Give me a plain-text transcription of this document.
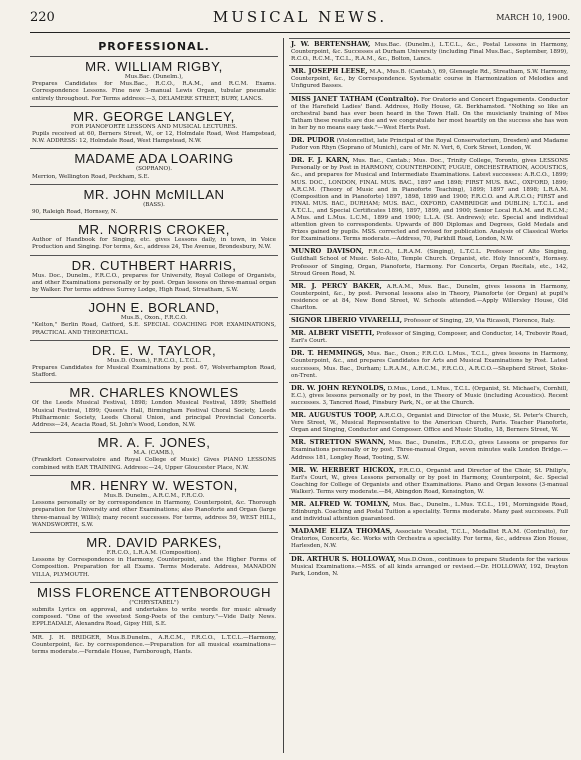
220	MUSICAL NEWS.	MARCH 10, 1900.
PROFESSIONAL.
MR. WILLIAM RIGBY,
Mus.Bac. (Dunelm.),
Prepares Candidates for Mus.Bac., R.C.O., R.A.M., and R.C.M. Exams. Correspondence Lessons. Fine new 3-manual Lewis Organ, tubular pneumatic entirely throughout. For Terms address:—3, DELAMERE STREET, BURY, LANCS.
MR. GEORGE LANGLEY,
FOR PIANOFORTE LESSONS AND MUSICAL LECTURES.
Pupils received at 60, Berners Street, W., or 12, Holmdale Road, West Hampstead, N.W. ADDRESS: 12, Holmdale Road, West Hampstead, N.W.
MADAME ADA LOARING
(SOPRANO).
Merrion, Wellington Road, Peckham, S.E.
MR. JOHN McMILLAN
(BASS).
90, Raleigh Road, Hornsey, N.
MR. NORRIS CROKER,
Author of Handbook for Singing, etc. gives Lessons daily, in town, in Voice Production and Singing. For terms, &c., address 24, The Avenue, Brondesbury, N.W.
DR. CUTHBERT HARRIS,
Mus. Doc., Dunelm., F.R.C.O., prepares for University, Royal College of Organists, and other Examinations personally or by post. Organ lessons on three-manual organ by Walker. For terms address Surrey Lodge, High Road, Streatham, S.W.
JOHN E. BORLAND,
Mus.B., Oxon., F.R.C.O.
"Kelton," Berlin Road, Catford, S.E. SPECIAL COACHING FOR EXAMINATIONS, PRACTICAL AND THEORETICAL.
DR. E. W. TAYLOR,
Mus.D. (Oxon.), F.R.C.O., L.T.C.L.
Prepares Candidates for Musical Examinations by post. 67, Wolverhampton Road, Stafford.
MR. CHARLES KNOWLES
Of the Leeds Musical Festival, 1898; London Musical Festival, 1899; Sheffield Musical Festival, 1899; Queen's Hall, Birmingham Festival Choral Society, Leeds Philharmonic Society, Leeds Choral Union, and principal Provincial Concerts. Address—24, Acacia Road, St. John's Wood, London, N.W.
MR. A. F. JONES,
M.A. (CAMB.),
(Frankfort Conservatoire and Royal College of Music) Gives PIANO LESSONS combined with EAR TRAINING. Address:—24, Upper Gloucester Place, N.W.
MR. HENRY W. WESTON,
Mus.B. Dunelm., A.R.C.M., F.R.C.O.
Lessons personally or by correspondence in Harmony, Counterpoint, &c. Thorough preparation for University and other Examinations; also Pianoforte and Organ (large three-manual by Willis); many recent successes. For terms, address 59, WEST HILL, WANDSWORTH, S.W.
MR. DAVID PARKES,
F.R.C.O., L.R.A.M. (Composition).
Lessons by Correspondence in Harmony, Counterpoint, and the Higher Forms of Composition. Preparation for all Exams. Terms Moderate. Address, MANADON VILLA, PLYMOUTH.
MISS FLORENCE ATTENBOROUGH
("CHRYSTABEL")
submits Lyrics on approval, and undertakes to write words for music already composed. "One of the sweetest Song-Poets of the century."—Vide Daily News. EPPLEADALE, Alexandra Road, Gipsy Hill, S.E.
MR. J. H. BRIDGER, Mus.B.Dunelm., A.R.C.M., F.R.C.O., L.T.C.L.—Harmony, Counterpoint, &c. by correspondence.—Preparation for all musical examinations—terms moderate.—Ferndale House, Farnborough, Hants.
J. W. BERTENSHAW, Mus.Bac. (Dunelm.), L.T.C.L., &c., Postal Lessons in Harmony, Counterpoint, &c. Successes at Durham University (including Final Mus.Bac., September, 1899), R.C.O., R.C.M., T.C.L., R.A.M., &c., Bolton, Lancs.
MR. JOSEPH LEESE, M.A., Mus.B. (Cantab.), 69, Gleneagle Rd., Streatham, S.W. Harmony, Counterpoint, &c., by Correspondence. Systematic course in Harmonization of Melodies and Unfigured Basses.
MISS JANET TATHAM (Contralto). For Oratorio and Concert Engagements. Conductor of the Harefield Ladies' Band. Address, Holly House, Gt. Berkhamsted. "Nothing so like an orchestral band has ever been heard in the Town Hall. On the musicianly training of Miss Tatham these results are due and we congratulate her most heartily on the success she has won in her by no means easy task."—West Herts Post.
DR. PUDOR (Violoncellist, late Principal of the Royal Conservatorium, Dresden) and Madame Pudor von Rhyn (Soprano of Munich), care of Mr. N. Vert, 6, Cork Street, London, W.
DR. F. J. KARN, Mus. Bac., Cantab.; Mus. Doc., Trinity College, Toronto, gives LESSONS Personally or by Post in HARMONY, COUNTERPOINT, FUGUE, ORCHESTRATION, ACOUSTICS, &c., and prepares for Musical and Intermediate Examinations. Latest successes: A.R.C.O., 1899; MUS. DOC., LONDON, FINAL MUS. BAC., 1897 and 1898; FIRST MUS. BAC., OXFORD, 1899; A.R.C.M. (Theory of Music and in Pianoforte Teaching), 1899; 1897 and 1898; L.R.A.M. (Composition and in Pianoforte) 1897, 1898, 1899 and 1900; F.R.C.O. and A.R.C.O.; FIRST and FINAL MUS. BAC., DURHAM; MUS. BAC., OXFORD, CAMBRIDGE and DUBLIN; L.T.C.L. and A.T.C.L., and Special Certificates 1896, 1897, 1899, and 1900; Senior Local R.A.M. and R.C.M.; A.Mus. and L.Mus. L.C.M., 1899 and 1900; L.L.A. (St. Andrews); etc. Special and individual attention given to correspondents. Upwards of 800 Diplomas and Degrees, Gold Medals and Prizes gained by pupils. MSS. corrected and revised for publication. Analysis of Classical Works for Examinations. Terms moderate.—Address, 70, Parkhill Road, London, N.W.
MUNRO DAVISON, F.R.C.O., L.R.A.M. (Singing), L.T.C.L. Professor of Alto Singing, Guildhall School of Music. Solo-Alto, Temple Church. Organist, etc. Holy Innocent's, Hornsey. Professor of Singing, Organ, Pianoforte, Harmony. For Concerts, Organ Recitals, etc., 142, Stroud Green Road, N.
MR. J. PERCY BAKER, A.R.A.M., Mus. Bac., Dunelm, gives lessons in Harmony, Counterpoint, &c., by post. Personal lessons also in Theory, Pianoforte (or Organ) at pupil's residence or at 84, New Bond Street, W. Schools attended.—Apply Willersley House, Old Charlton.
SIGNOR LIBERIO VIVARELLI, Professor of Singing, 29, Via Ricasoli, Florence, Italy.
MR. ALBERT VISETTI, Professor of Singing, Composer, and Conductor, 14, Trebovir Road, Earl's Court.
DR. T. HEMMINGS, Mus. Bac., Oxon.; F.R.C.O. L.Mus., T.C.L., gives lessons in Harmony, Counterpoint, &c., and prepares Candidates for Arts and Musical Examinations by Post. Latest successes, Mus. Bac., Durham; L.R.A.M., A.R.C.M., F.R.C.O., A.R.C.O.—Shepherd Street, Stoke-on-Trent.
DR. W. JOHN REYNOLDS, D.Mus., Lond., L.Mus., T.C.L. (Organist, St. Michael's, Cornhill, E.C.), gives lessons personally or by post, in the Theory of Music (including Acoustics). Recent successes. 3, Tancred Road, Finsbury Park, N., or at the Church.
MR. AUGUSTUS TOOP, A.R.C.O., Organist and Director of the Music, St. Peter's Church, Vere Street, W., Musical Representative to the American Church, Paris. Teacher Pianoforte, Organ and Singing, Conductor and Composer. Office and Music Studio, 18, Berners Street, W.
MR. STRETTON SWANN, Mus. Bac., Dunelm., F.R.C.O., gives Lessons or prepares for Examinations personally or by post. Three-manual Organ, seven minutes walk London Bridge.—Address 181, Longley Road, Tooting, S.W.
MR. W. HERBERT HICKOX, F.R.C.O., Organist and Director of the Choir, St. Philip's, Earl's Court, W., gives Lessons personally or by post in Harmony, Counterpoint, &c. Special Coaching for College of Organists and other Examinations. Piano and Organ lessons (3-manual Walker). Terms very moderate.—84, Abingdon Road, Kensington, W.
MR. ALFRED W. TOMLYN, Mus. Bac., Dunelm., L.Mus. T.C.L., 191, Morningside Road, Edinburgh. Coaching and Postal Tuition a speciality. Terms moderate. Many past successes. Full and individual attention guaranteed.
MADAME ELIZA THOMAS, Associate Vocalist, T.C.L., Medallist R.A.M. (Contralto), for Oratorios, Concerts, &c. Works with Orchestra a speciality. For terms, &c., address Zion House, Harlesden, N.W.
DR. ARTHUR S. HOLLOWAY, Mus.D.Oxon., continues to prepare Students for the various Musical Examinations.—MSS. of all kinds arranged or revised.—Dr. HOLLOWAY, 192, Drayton Park, London, N.
